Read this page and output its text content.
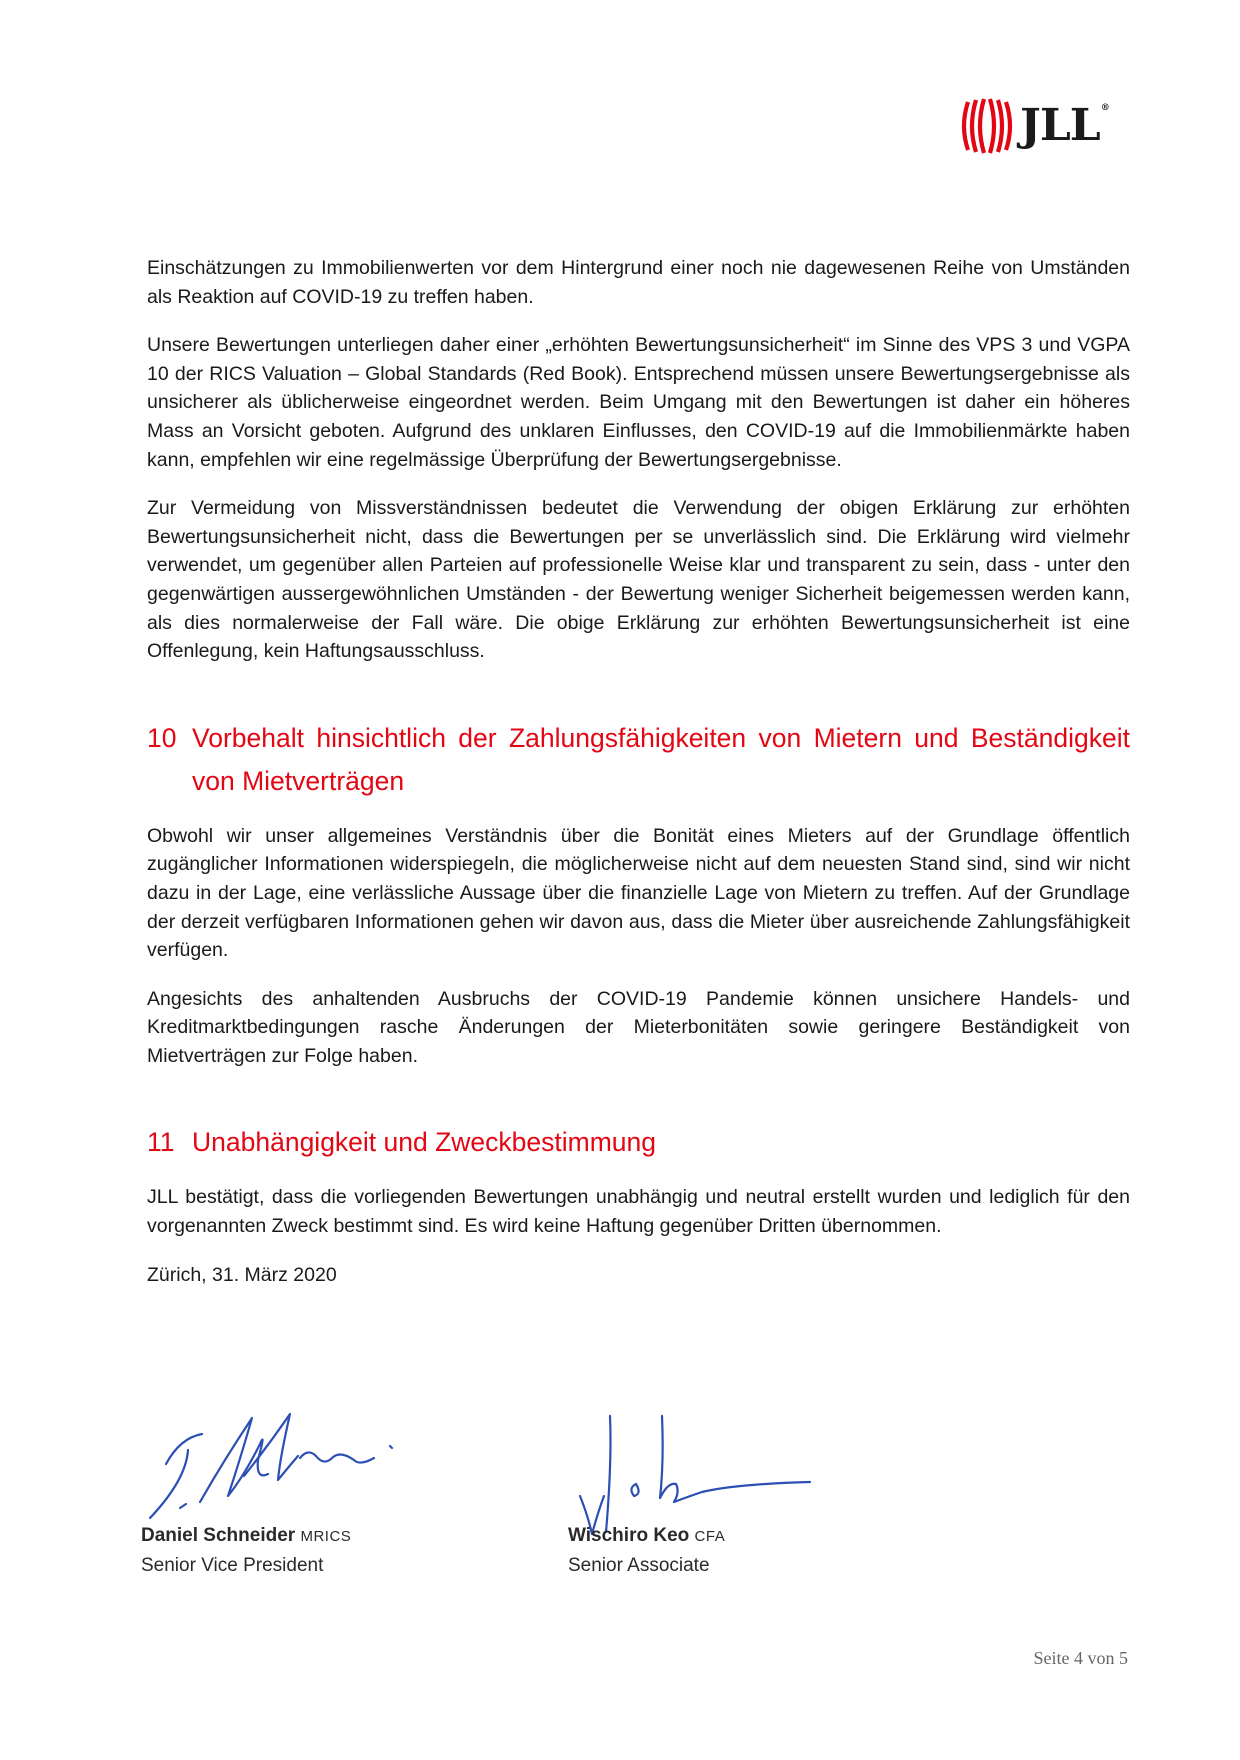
JLL®

Einschätzungen zu Immobilienwerten vor dem Hintergrund einer noch nie dagewesenen Reihe von Umständen als Reaktion auf COVID-19 zu treffen haben.

Unsere Bewertungen unterliegen daher einer „erhöhten Bewertungsunsicherheit“ im Sinne des VPS 3 und VGPA 10 der RICS Valuation – Global Standards (Red Book). Entsprechend müssen unsere Bewertungsergebnisse als unsicherer als üblicherweise eingeordnet werden. Beim Umgang mit den Bewertungen ist daher ein höheres Mass an Vorsicht geboten. Aufgrund des unklaren Einflusses, den COVID-19 auf die Immobilienmärkte haben kann, empfehlen wir eine regelmässige Überprüfung der Bewertungsergebnisse.

Zur Vermeidung von Missverständnissen bedeutet die Verwendung der obigen Erklärung zur erhöhten Bewertungsunsicherheit nicht, dass die Bewertungen per se unverlässlich sind. Die Erklärung wird vielmehr verwendet, um gegenüber allen Parteien auf professionelle Weise klar und transparent zu sein, dass - unter den gegenwärtigen aussergewöhnlichen Umständen - der Bewertung weniger Sicherheit beigemessen werden kann, als dies normalerweise der Fall wäre. Die obige Erklärung zur erhöhten Bewertungsunsicherheit ist eine Offenlegung, kein Haftungsausschluss.

10 Vorbehalt hinsichtlich der Zahlungsfähigkeiten von Mietern und Beständigkeit von Mietverträgen

Obwohl wir unser allgemeines Verständnis über die Bonität eines Mieters auf der Grundlage öffentlich zugänglicher Informationen widerspiegeln, die möglicherweise nicht auf dem neuesten Stand sind, sind wir nicht dazu in der Lage, eine verlässliche Aussage über die finanzielle Lage von Mietern zu treffen. Auf der Grundlage der derzeit verfügbaren Informationen gehen wir davon aus, dass die Mieter über ausreichende Zahlungsfähigkeit verfügen.

Angesichts des anhaltenden Ausbruchs der COVID-19 Pandemie können unsichere Handels- und Kreditmarktbedingungen rasche Änderungen der Mieterbonitäten sowie geringere Beständigkeit von Mietverträgen zur Folge haben.

11 Unabhängigkeit und Zweckbestimmung

JLL bestätigt, dass die vorliegenden Bewertungen unabhängig und neutral erstellt wurden und lediglich für den vorgenannten Zweck bestimmt sind. Es wird keine Haftung gegenüber Dritten übernommen.

Zürich, 31. März 2020

Daniel Schneider MRICS
Senior Vice President
Wischiro Keo CFA
Senior Associate
Seite 4 von 5
